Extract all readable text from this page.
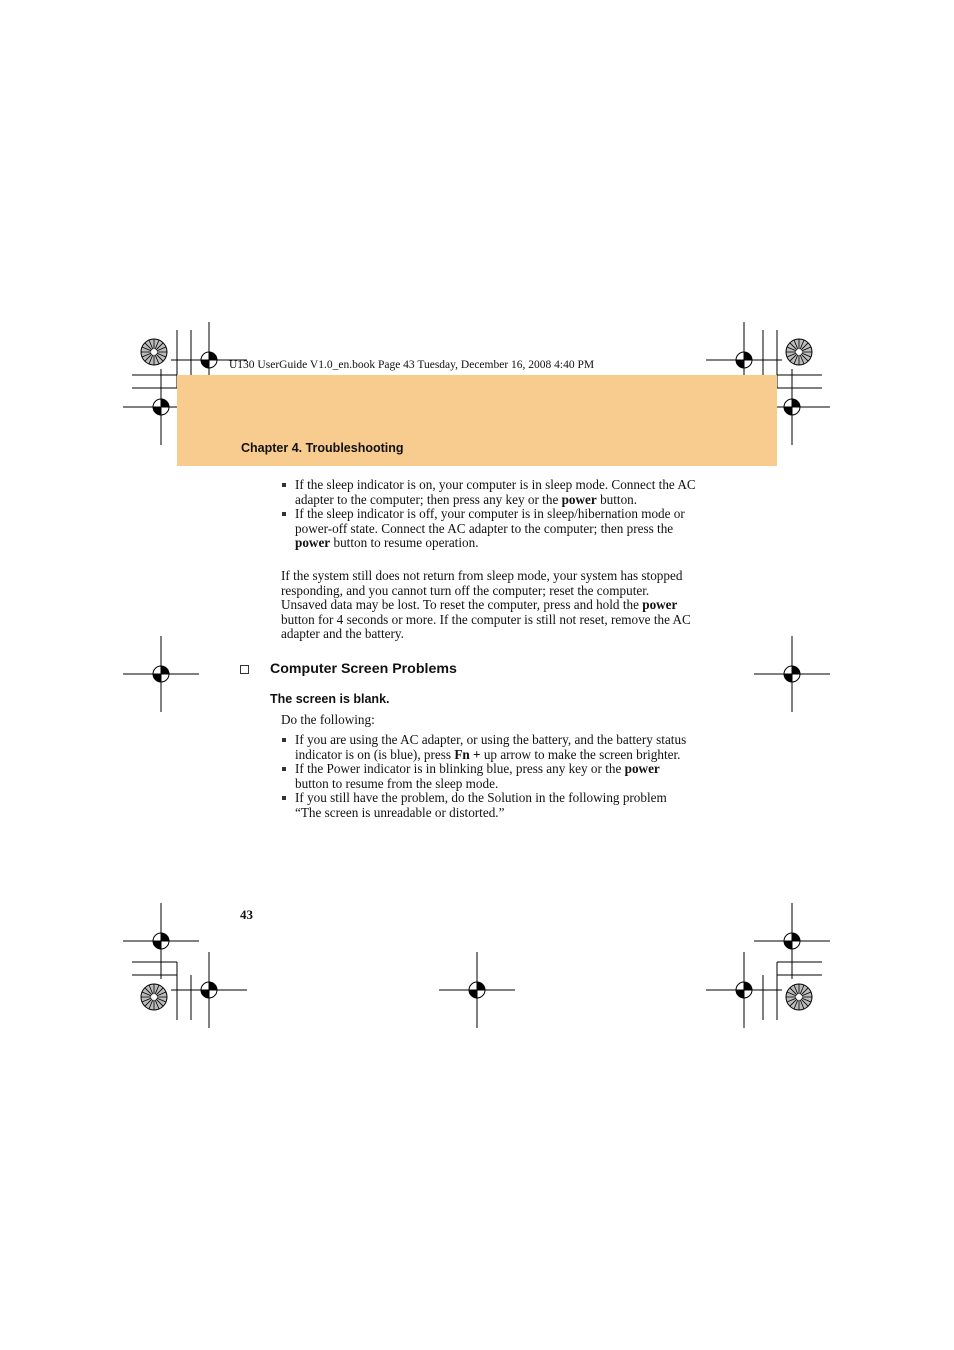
U130 UserGuide V1.0_en.book Page 43 Tuesday, December 16, 2008 4:40 PM
Chapter 4. Troubleshooting
If the sleep indicator is on, your computer is in sleep mode. Connect the AC adapter to the computer; then press any key or the power button.
If the sleep indicator is off, your computer is in sleep/hibernation mode or power-off state. Connect the AC adapter to the computer; then press the power button to resume operation.

If the system still does not return from sleep mode, your system has stopped responding, and you cannot turn off the computer; reset the computer. Unsaved data may be lost. To reset the computer, press and hold the power button for 4 seconds or more. If the computer is still not reset, remove the AC adapter and the battery.

Computer Screen Problems
The screen is blank.

Do the following:

If you are using the AC adapter, or using the battery, and the battery status indicator is on (is blue), press Fn + up arrow to make the screen brighter.
If the Power indicator is in blinking blue, press any key or the power button to resume from the sleep mode.
If you still have the problem, do the Solution in the following problem “The screen is unreadable or distorted.”
43
